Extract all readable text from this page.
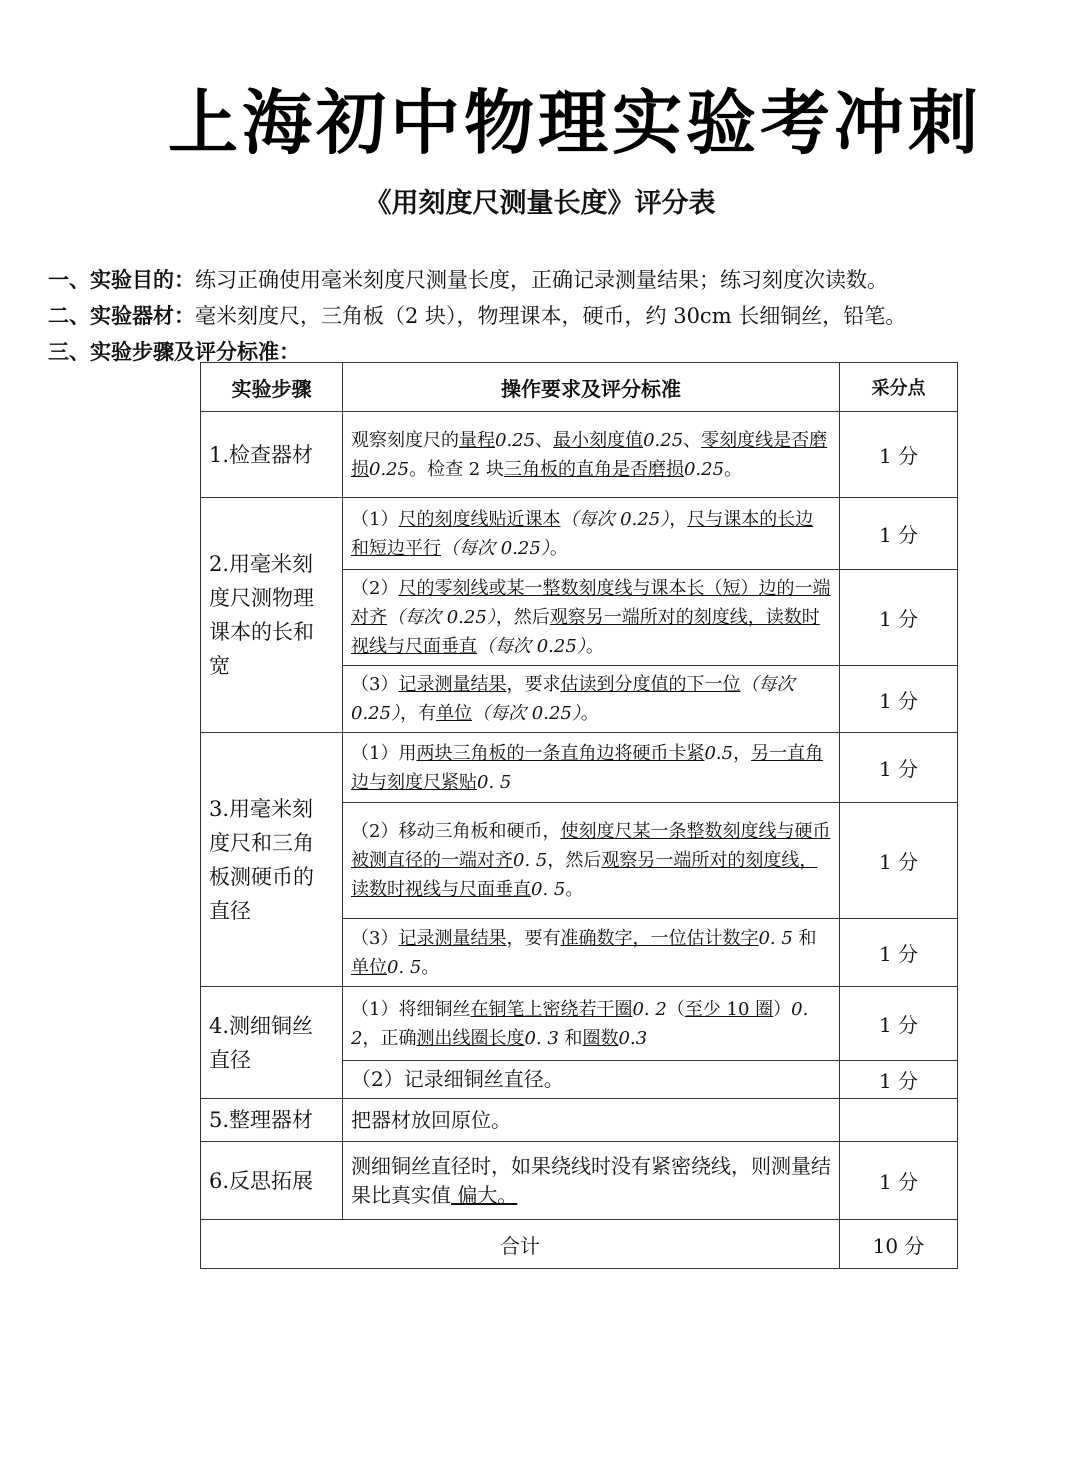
上海初中物理实验考冲刺
《用刻度尺测量长度》评分表
一、实验目的：练习正确使用毫米刻度尺测量长度，正确记录测量结果；练习刻度次读数。
二、实验器材：毫米刻度尺，三角板（2 块），物理课本，硬币，约 30cm 长细铜丝，铅笔。
三、实验步骤及评分标准：
实验步骤	操作要求及评分标准	采分点
1.检查器材	观察刻度尺的量程0.25、最小刻度值0.25、零刻度线是否磨损0.25。检查 2 块三角板的直角是否磨损0.25。	1 分
2.用毫米刻度尺测物理课本的长和宽	（1）尺的刻度线贴近课本（每次 0.25），尺与课本的长边和短边平行（每次 0.25）。	1 分
	（2）尺的零刻线或某一整数刻度线与课本长（短）边的一端对齐（每次 0.25），然后观察另一端所对的刻度线，读数时视线与尺面垂直（每次 0.25）。	1 分
	（3）记录测量结果，要求估读到分度值的下一位（每次 0.25），有单位（每次 0.25）。	1 分
3.用毫米刻度尺和三角板测硬币的直径	（1）用两块三角板的一条直角边将硬币卡紧0.5，另一直角边与刻度尺紧贴0. 5	1 分
	（2）移动三角板和硬币，使刻度尺某一条整数刻度线与硬币被测直径的一端对齐0. 5，然后观察另一端所对的刻度线，读数时视线与尺面垂直0. 5。	1 分
	（3）记录测量结果，要有准确数字，一位估计数字0. 5 和单位0. 5。	1 分
4.测细铜丝直径	（1）将细铜丝在铜笔上密绕若干圈0. 2（至少 10 圈）0. 2，正确测出线圈长度0. 3 和圈数0.3	1 分
	（2）记录细铜丝直径。	1 分
5.整理器材	把器材放回原位。	
6.反思拓展	测细铜丝直径时，如果绕线时没有紧密绕线，则测量结果比真实值 偏大。	1 分
合计		10 分
